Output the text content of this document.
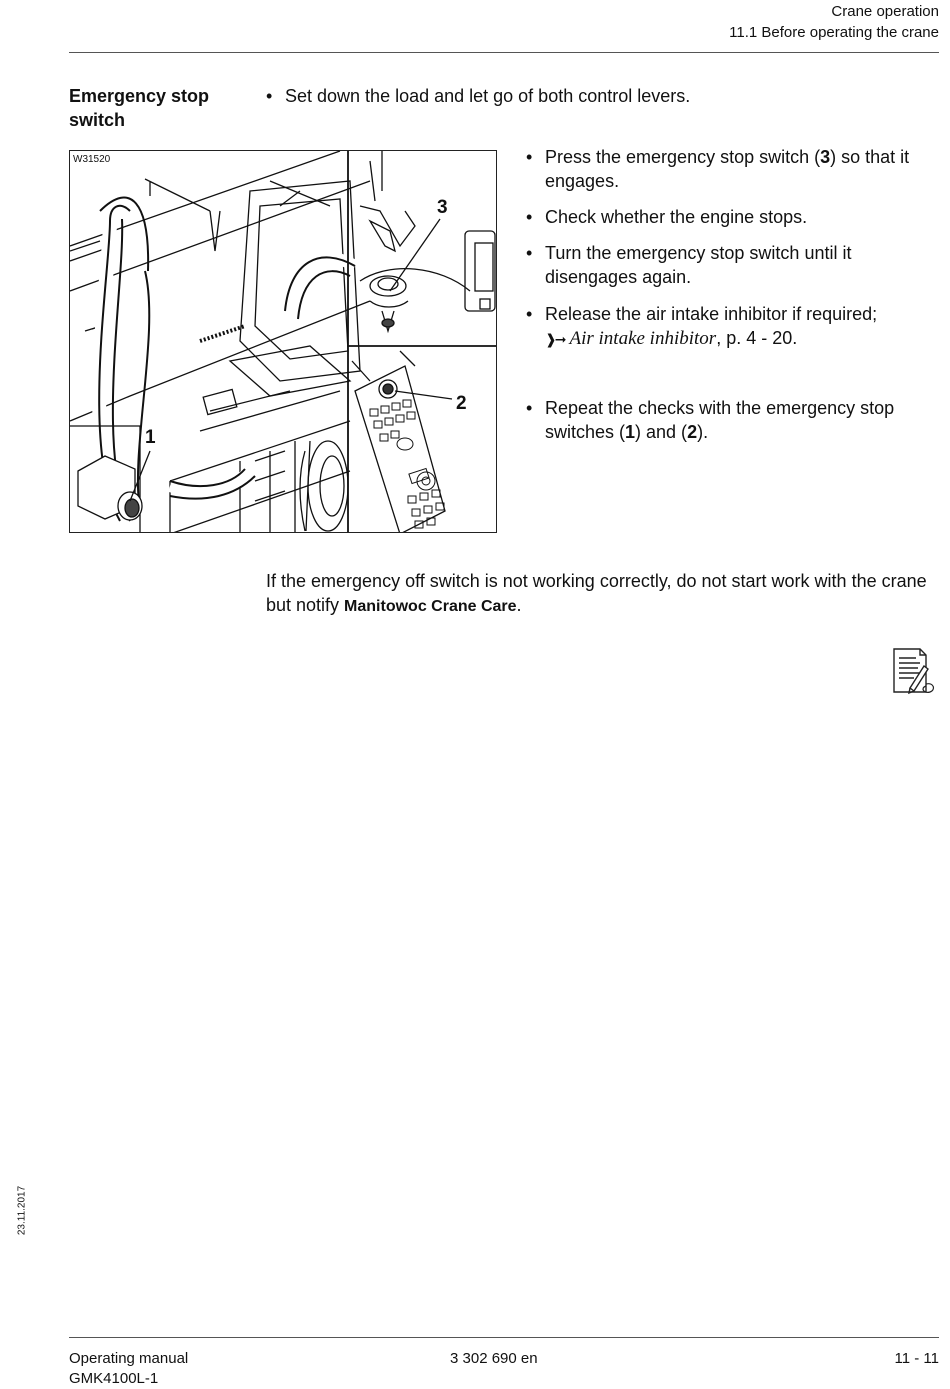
Crane operation
11.1 Before operating the crane
Emergency stop switch
• Set down the load and let go of both control levers.
W31520
1
2
3
• Press the emergency stop switch (3) so that it engages.
• Check whether the engine stops.
• Turn the emergency stop switch until it disengages again.
• Release the air intake inhibitor if required;
❱➞ Air intake inhibitor, p. 4 - 20.
• Repeat the checks with the emergency stop switches (1) and (2).
If the emergency off switch is not working correctly, do not start work with the crane but notify Manitowoc Crane Care.
23.11.2017
Operating manual
GMK4100L-1
3 302 690 en	11 - 11
